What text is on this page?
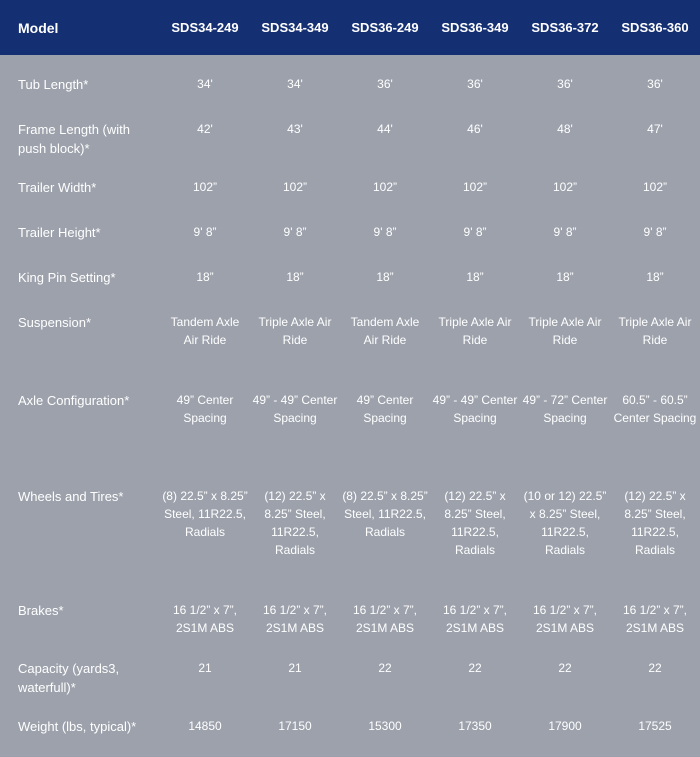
Model	SDS34-249	SDS34-349	SDS36-249	SDS36-349	SDS36-372	SDS36-360

Tub Length*	34'	34'	36'	36'	36'	36'
Frame Length (with push block)*	42'	43'	44'	46'	48'	47'
Trailer Width*	102”	102”	102”	102”	102”	102”
Trailer Height*	9' 8”	9' 8”	9' 8”	9' 8”	9' 8”	9' 8”
King Pin Setting*	18”	18”	18”	18”	18”	18”
Suspension*	Tandem Axle Air Ride	Triple Axle Air Ride	Tandem Axle Air Ride	Triple Axle Air Ride	Triple Axle Air Ride	Triple Axle Air Ride
Axle Configuration*	49” Center Spacing	49” - 49” Center Spacing	49” Center Spacing	49” - 49” Center Spacing	49” - 72” Center Spacing	60.5” - 60.5” Center Spacing
Wheels and Tires*	(8) 22.5” x 8.25” Steel, 11R22.5, Radials	(12) 22.5” x 8.25” Steel, 11R22.5, Radials	(8) 22.5” x 8.25” Steel, 11R22.5, Radials	(12) 22.5” x 8.25” Steel, 11R22.5, Radials	(10 or 12) 22.5” x 8.25” Steel, 11R22.5, Radials	(12) 22.5” x 8.25” Steel, 11R22.5, Radials
Brakes*	16 1/2” x 7”, 2S1M ABS	16 1/2” x 7”, 2S1M ABS	16 1/2” x 7”, 2S1M ABS	16 1/2” x 7”, 2S1M ABS	16 1/2” x 7”, 2S1M ABS	16 1/2” x 7”, 2S1M ABS
Capacity (yards3, waterfull)*	21	21	22	22	22	22
Weight (lbs, typical)*	14850	17150	15300	17350	17900	17525
